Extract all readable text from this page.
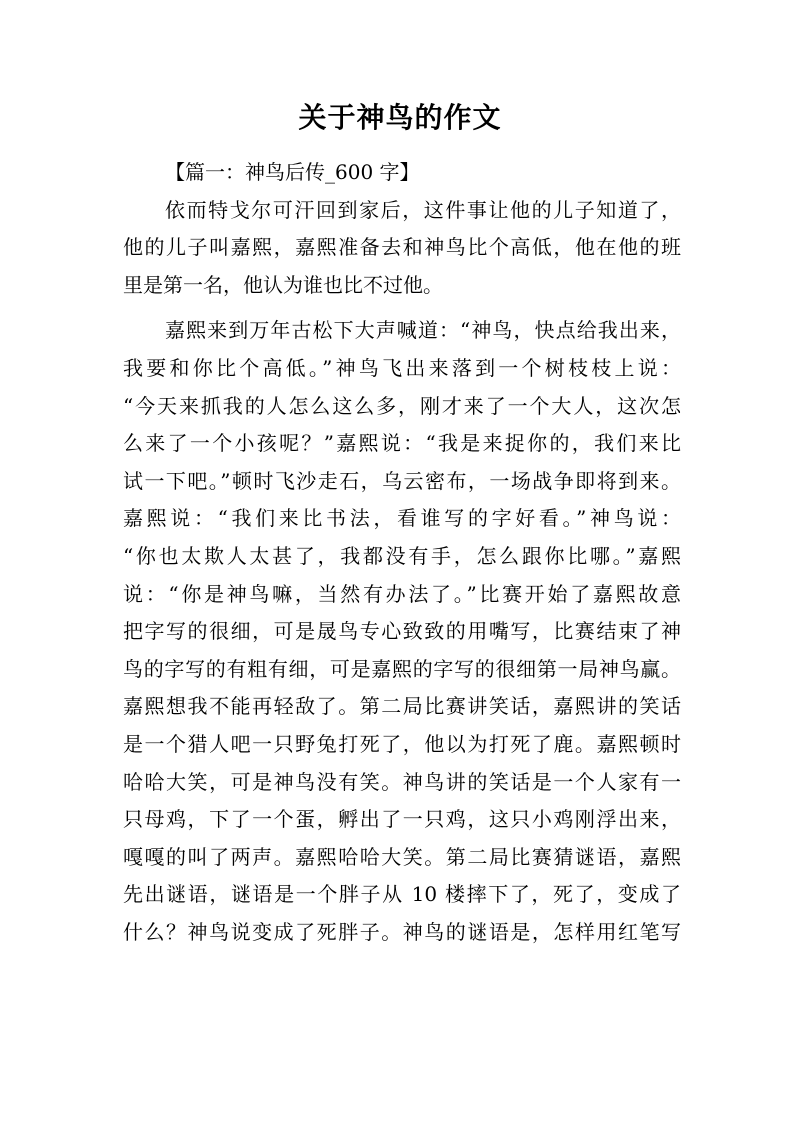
关于神鸟的作文
【篇一：神鸟后传_600 字】
依而特戈尔可汗回到家后，这件事让他的儿子知道了，
他的儿子叫嘉熙，嘉熙准备去和神鸟比个高低，他在他的班
里是第一名，他认为谁也比不过他。
嘉熙来到万年古松下大声喊道：“神鸟，快点给我出来，
我要和你比个高低。”神鸟飞出来落到一个树枝枝上说：
“今天来抓我的人怎么这么多，刚才来了一个大人，这次怎
么来了一个小孩呢？”嘉熙说：“我是来捉你的，我们来比
试一下吧。”顿时飞沙走石，乌云密布，一场战争即将到来。
嘉熙说：“我们来比书法，看谁写的字好看。”神鸟说：
“你也太欺人太甚了，我都没有手，怎么跟你比哪。”嘉熙
说：“你是神鸟嘛，当然有办法了。”比赛开始了嘉熙故意
把字写的很细，可是晟鸟专心致致的用嘴写，比赛结束了神
鸟的字写的有粗有细，可是嘉熙的字写的很细第一局神鸟赢。
嘉熙想我不能再轻敌了。第二局比赛讲笑话，嘉熙讲的笑话
是一个猎人吧一只野兔打死了，他以为打死了鹿。嘉熙顿时
哈哈大笑，可是神鸟没有笑。神鸟讲的笑话是一个人家有一
只母鸡，下了一个蛋，孵出了一只鸡，这只小鸡刚浮出来，
嘎嘎的叫了两声。嘉熙哈哈大笑。第二局比赛猜谜语，嘉熙
先出谜语，谜语是一个胖子从 10 楼摔下了，死了，变成了
什么？神鸟说变成了死胖子。神鸟的谜语是，怎样用红笔写
